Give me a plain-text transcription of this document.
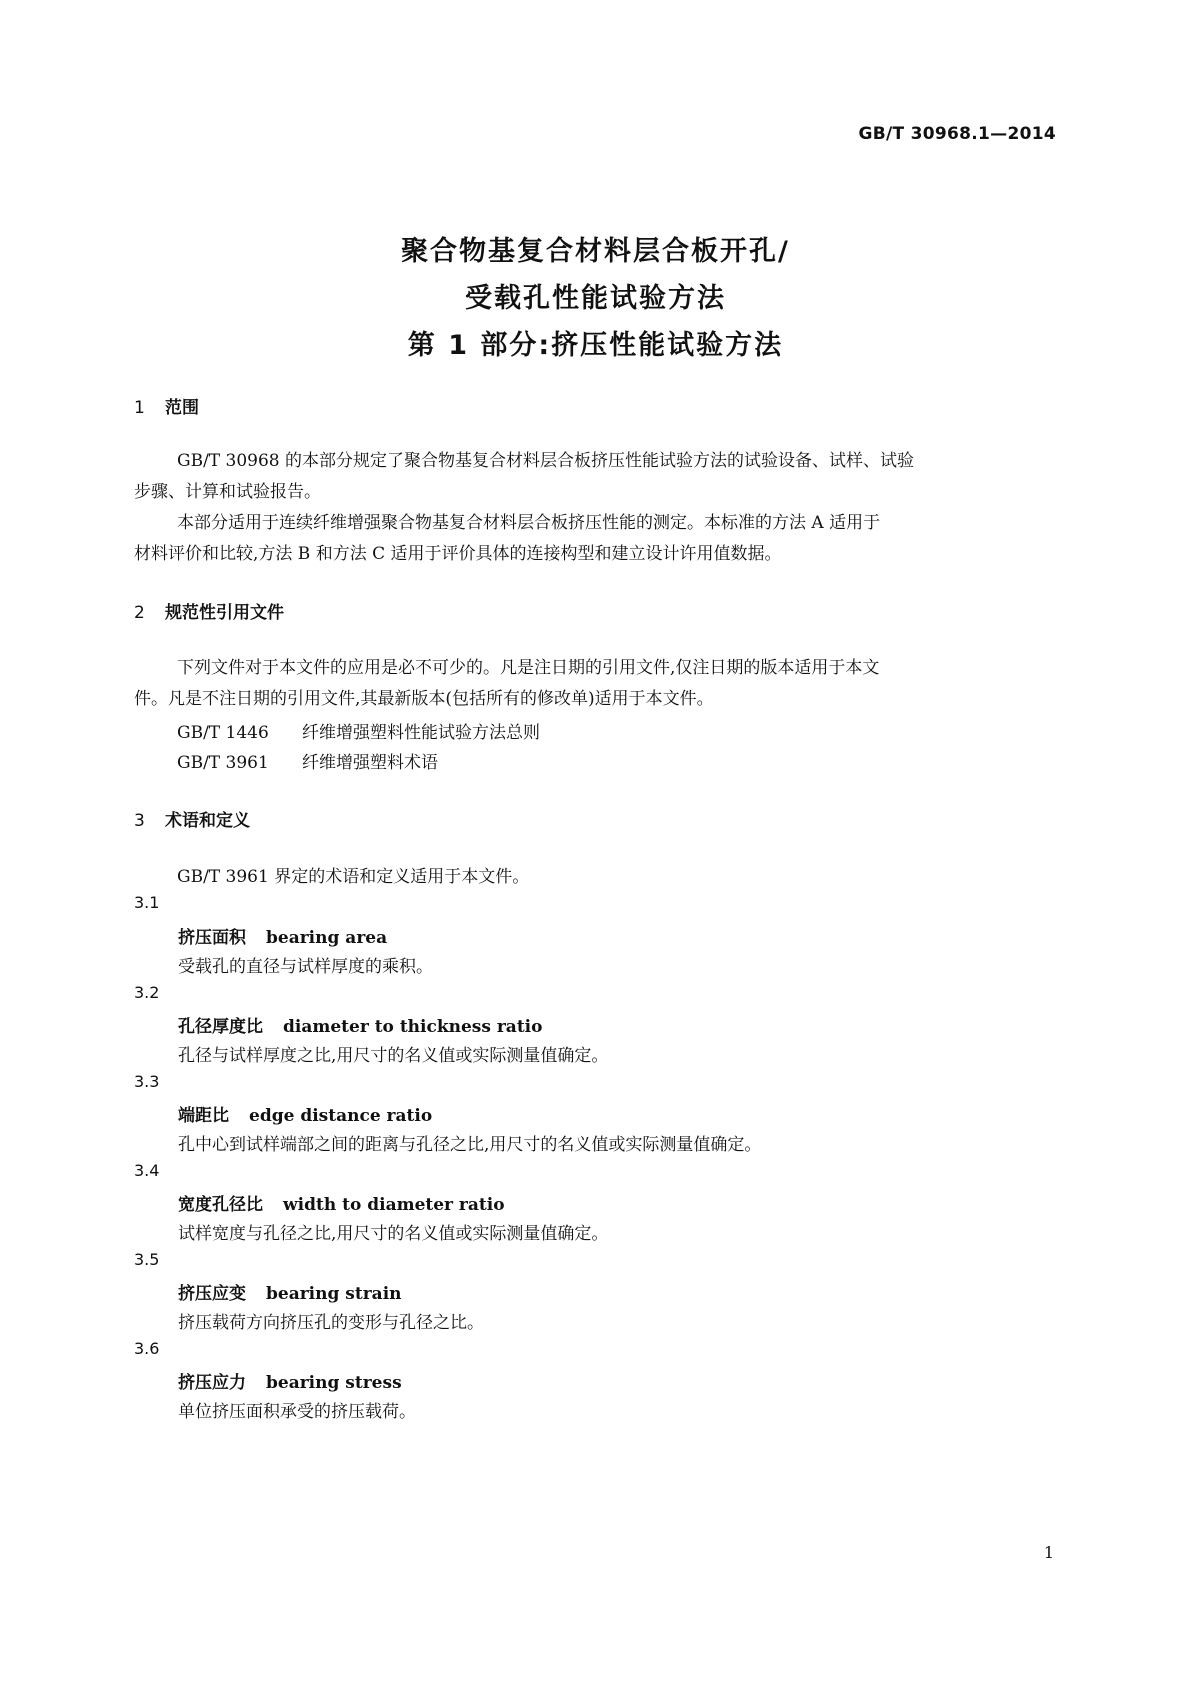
GB/T 30968.1—2014
聚合物基复合材料层合板开孔/
受载孔性能试验方法
第 1 部分:挤压性能试验方法
1 范围
GB/T 30968 的本部分规定了聚合物基复合材料层合板挤压性能试验方法的试验设备、试样、试验
步骤、计算和试验报告。
本部分适用于连续纤维增强聚合物基复合材料层合板挤压性能的测定。本标准的方法 A 适用于
材料评价和比较,方法 B 和方法 C 适用于评价具体的连接构型和建立设计许用值数据。
2 规范性引用文件
下列文件对于本文件的应用是必不可少的。凡是注日期的引用文件,仅注日期的版本适用于本文
件。凡是不注日期的引用文件,其最新版本(包括所有的修改单)适用于本文件。
GB/T 1446 纤维增强塑料性能试验方法总则
GB/T 3961 纤维增强塑料术语
3 术语和定义
GB/T 3961 界定的术语和定义适用于本文件。
3.1
挤压面积 bearing area
受载孔的直径与试样厚度的乘积。
3.2
孔径厚度比 diameter to thickness ratio
孔径与试样厚度之比,用尺寸的名义值或实际测量值确定。
3.3
端距比 edge distance ratio
孔中心到试样端部之间的距离与孔径之比,用尺寸的名义值或实际测量值确定。
3.4
宽度孔径比 width to diameter ratio
试样宽度与孔径之比,用尺寸的名义值或实际测量值确定。
3.5
挤压应变 bearing strain
挤压载荷方向挤压孔的变形与孔径之比。
3.6
挤压应力 bearing stress
单位挤压面积承受的挤压载荷。
1
